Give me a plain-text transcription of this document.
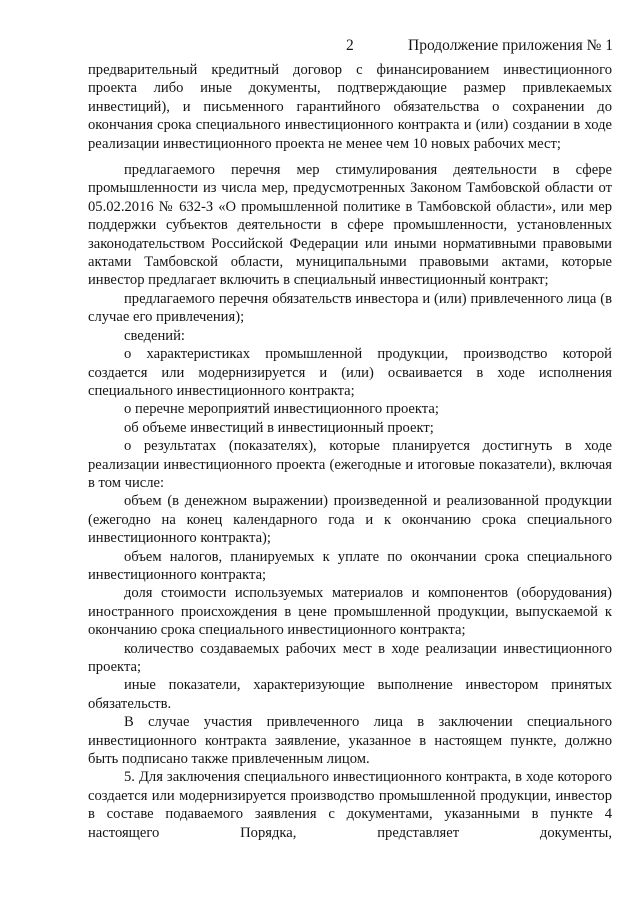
2	Продолжение приложения № 1

предварительный кредитный договор с финансированием инвестиционного проекта либо иные документы, подтверждающие размер привлекаемых инвестиций), и письменного гарантийного обязательства о сохранении до окончания срока специального инвестиционного контракта и (или) создании в ходе реализации инвестиционного проекта не менее чем 10 новых рабочих мест;

предлагаемого перечня мер стимулирования деятельности в сфере промышленности из числа мер, предусмотренных Законом Тамбовской области от 05.02.2016 № 632-З «О промышленной политике в Тамбовской области», или мер поддержки субъектов деятельности в сфере промышленности, установленных законодательством Российской Федерации или иными нормативными правовыми актами Тамбовской области, муниципальными правовыми актами, которые инвестор предлагает включить в специальный инвестиционный контракт;

предлагаемого перечня обязательств инвестора и (или) привлеченного лица (в случае его привлечения);

сведений:

о характеристиках промышленной продукции, производство которой создается или модернизируется и (или) осваивается в ходе исполнения специального инвестиционного контракта;

о перечне мероприятий инвестиционного проекта;

об объеме инвестиций в инвестиционный проект;

о результатах (показателях), которые планируется достигнуть в ходе реализации инвестиционного проекта (ежегодные и итоговые показатели), включая в том числе:

объем (в денежном выражении) произведенной и реализованной продукции (ежегодно на конец календарного года и к окончанию срока специального инвестиционного контракта);

объем налогов, планируемых к уплате по окончании срока специального инвестиционного контракта;

доля стоимости используемых материалов и компонентов (оборудования) иностранного происхождения в цене промышленной продукции, выпускаемой к окончанию срока специального инвестиционного контракта;

количество создаваемых рабочих мест в ходе реализации инвестиционного проекта;

иные показатели, характеризующие выполнение инвестором принятых обязательств.

В случае участия привлеченного лица в заключении специального инвестиционного контракта заявление, указанное в настоящем пункте, должно быть подписано также привлеченным лицом.

5. Для заключения специального инвестиционного контракта, в ходе которого создается или модернизируется производство промышленной продукции, инвестор в составе подаваемого заявления с документами, указанными в пункте 4 настоящего Порядка, представляет документы,
